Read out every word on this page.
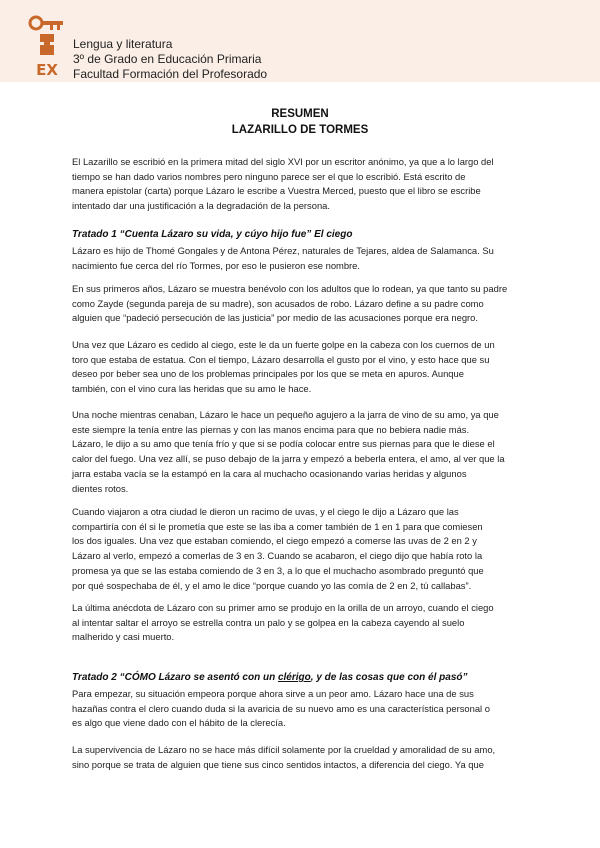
EX
Lengua y literatura
3º de Grado en Educación Primaria
Facultad Formación del Profesorado
RESUMEN
LAZARILLO DE TORMES
El Lazarillo se escribió en la primera mitad del siglo XVI por un escritor anónimo, ya que a lo largo del
tiempo se han dado varios nombres pero ninguno parece ser el que lo escribió. Está escrito de
manera epistolar (carta) porque Lázaro le escribe a Vuestra Merced, puesto que el libro se escribe
intentado dar una justificación a la degradación de la persona.
Tratado 1 “Cuenta Lázaro su vida, y cúyo hijo fue” El ciego
Lázaro es hijo de Thomé Gongales y de Antona Pérez, naturales de Tejares, aldea de Salamanca. Su
nacimiento fue cerca del río Tormes, por eso le pusieron ese nombre.
En sus primeros años, Lázaro se muestra benévolo con los adultos que lo rodean, ya que tanto su padre
como Zayde (segunda pareja de su madre), son acusados de robo. Lázaro define a su padre como
alguien que “padeció persecución de las justicia” por medio de las acusaciones porque era negro.
Una vez que Lázaro es cedido al ciego, este le da un fuerte golpe en la cabeza con los cuernos de un
toro que estaba de estatua. Con el tiempo, Lázaro desarrolla el gusto por el vino, y esto hace que su
deseo por beber sea uno de los problemas principales por los que se meta en apuros. Aunque
también, con el vino cura las heridas que su amo le hace.
Una noche mientras cenaban, Lázaro le hace un pequeño agujero a la jarra de vino de su amo, ya que
este siempre la tenía entre las piernas y con las manos encima para que no bebiera nadie más.
Lázaro, le dijo a su amo que tenía frío y que si se podía colocar entre sus piernas para que le diese el
calor del fuego. Una vez allí, se puso debajo de la jarra y empezó a beberla entera, el amo, al ver que la
jarra estaba vacía se la estampó en la cara al muchacho ocasionando varias heridas y algunos
dientes rotos.
Cuando viajaron a otra ciudad le dieron un racimo de uvas, y el ciego le dijo a Lázaro que las
compartiría con él si le prometía que este se las iba a comer también de 1 en 1 para que comiesen
los dos iguales. Una vez que estaban comiendo, el ciego empezó a comerse las uvas de 2 en 2 y
Lázaro al verlo, empezó a comerlas de 3 en 3. Cuando se acabaron, el ciego dijo que había roto la
promesa ya que se las estaba comiendo de 3 en 3, a lo que el muchacho asombrado preguntó que
por qué sospechaba de él, y el amo le dice “porque cuando yo las comía de 2 en 2, tú callabas”.
La última anécdota de Lázaro con su primer amo se produjo en la orilla de un arroyo, cuando el ciego
al intentar saltar el arroyo se estrella contra un palo y se golpea en la cabeza cayendo al suelo
malherido y casi muerto.
Tratado 2 “CÓMO Lázaro se asentó con un clérigo, y de las cosas que con él pasó”
Para empezar, su situación empeora porque ahora sirve a un peor amo. Lázaro hace una de sus
hazañas contra el clero cuando duda si la avaricia de su nuevo amo es una característica personal o
es algo que viene dado con el hábito de la clerecía.
La supervivencia de Lázaro no se hace más difícil solamente por la crueldad y amoralidad de su amo,
sino porque se trata de alguien que tiene sus cinco sentidos intactos, a diferencia del ciego. Ya que
